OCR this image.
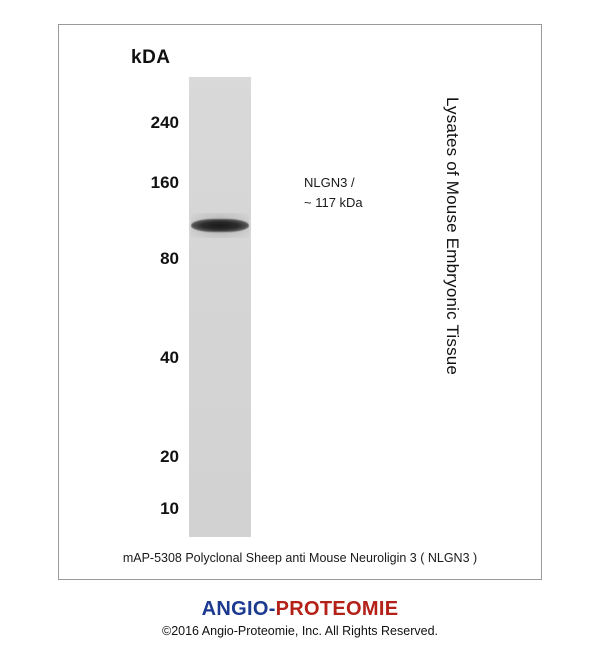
kDA
240
160
80
40
20
10
NLGN3 /
~ 117 kDa	Lysates of Mouse Embryonic Tissue
mAP-5308 Polyclonal Sheep anti Mouse Neuroligin 3 ( NLGN3 )
ANGIO-PROTEOMIE
©2016 Angio-Proteomie, Inc. All Rights Reserved.
